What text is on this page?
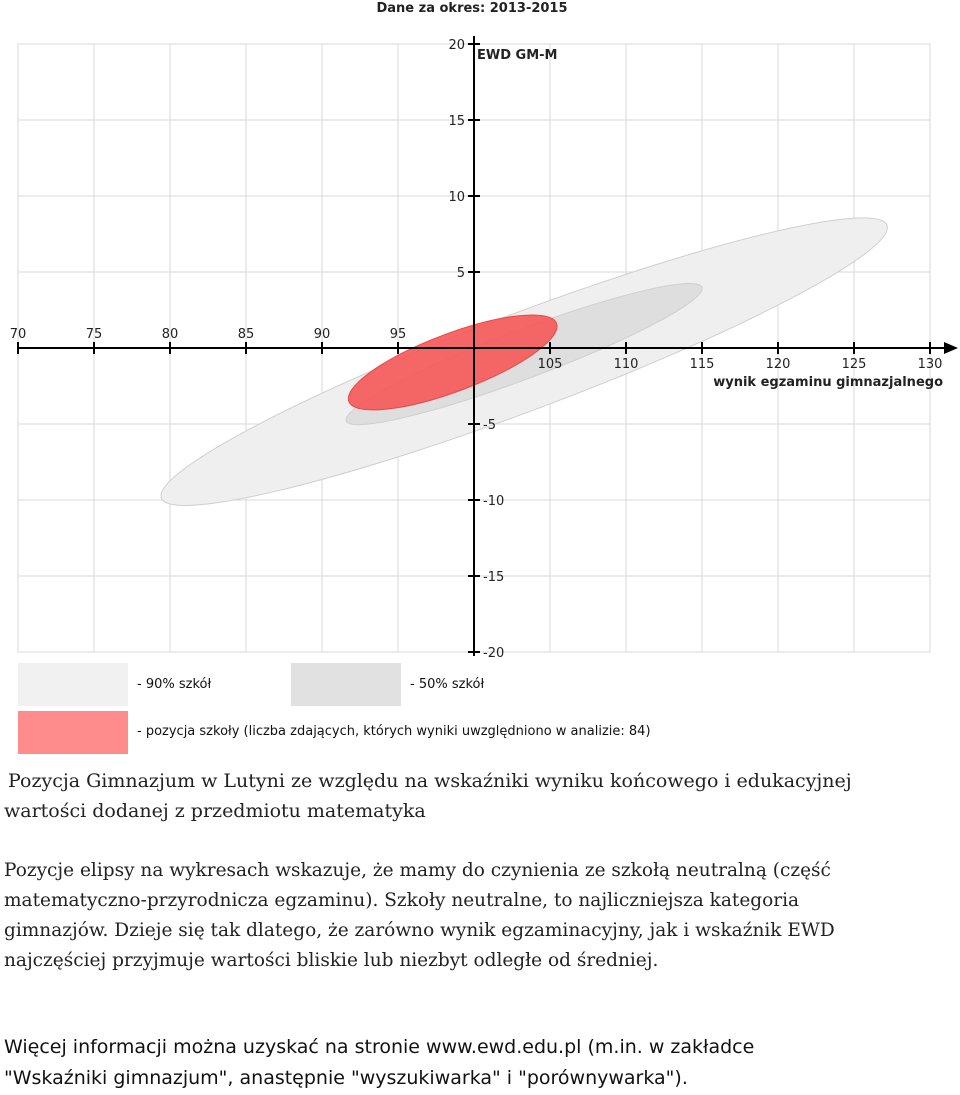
70	75	80	85	90	95
105	110	115	120	125	130
20
15
10
5
-5
-10
-15
-20
Dane za okres: 2013-2015
EWD GM-M
wynik egzaminu gimnazjalnego
- 90% szkół	- 50% szkół
- pozycja szkoły (liczba zdających, których wyniki uwzględniono w analizie: 84)
Pozycja Gimnazjum w Lutyni ze względu na wskaźniki wyniku końcowego i edukacyjnej
wartości dodanej z przedmiotu matematyka
Pozycje elipsy na wykresach wskazuje, że mamy do czynienia ze szkołą neutralną (część
matematyczno-przyrodnicza egzaminu). Szkoły neutralne, to najliczniejsza kategoria
gimnazjów. Dzieje się tak dlatego, że zarówno wynik egzaminacyjny, jak i wskaźnik EWD
najczęściej przyjmuje wartości bliskie lub niezbyt odległe od średniej.
Więcej informacji można uzyskać na stronie www.ewd.edu.pl (m.in. w zakładce
"Wskaźniki gimnazjum", anastępnie "wyszukiwarka" i "porównywarka").
